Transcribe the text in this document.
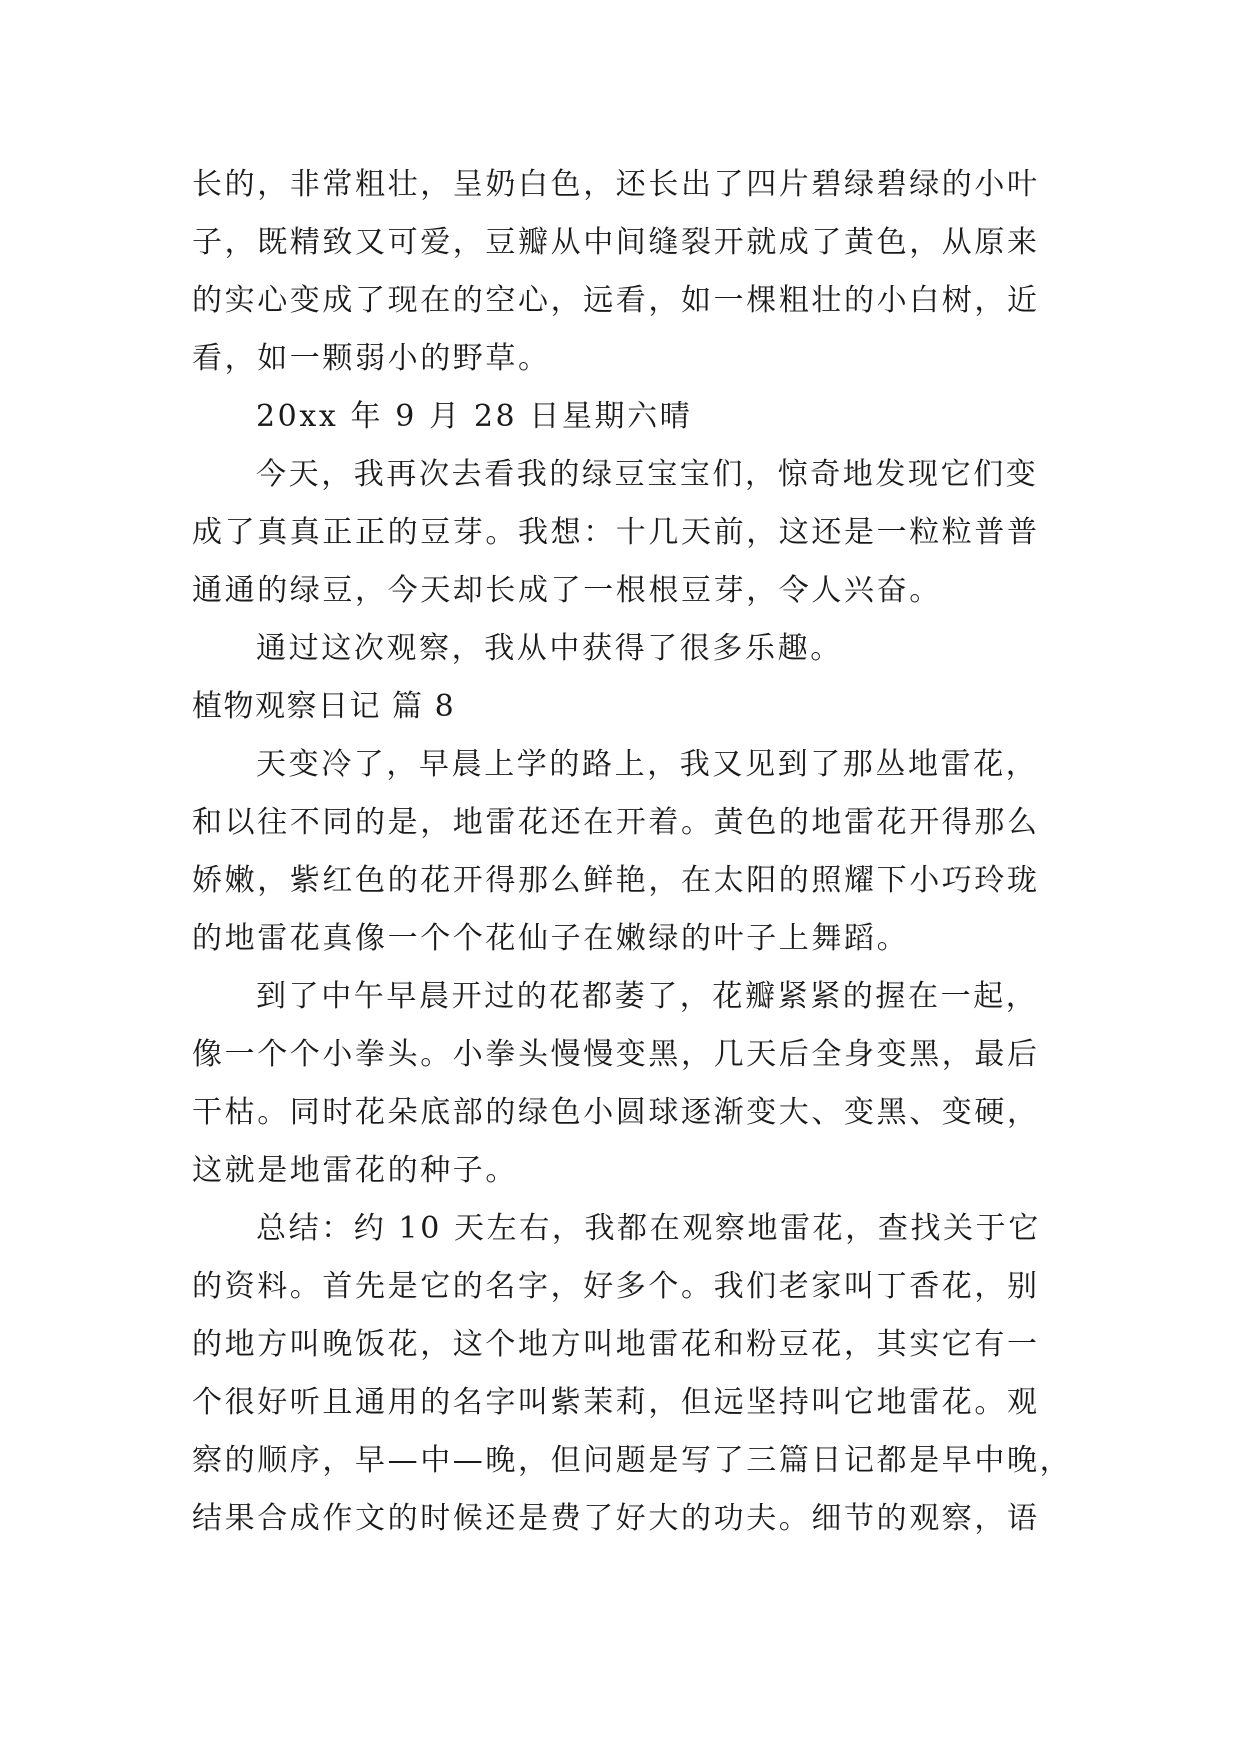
长的，非常粗壮，呈奶白色，还长出了四片碧绿碧绿的小叶
子，既精致又可爱，豆瓣从中间缝裂开就成了黄色，从原来
的实心变成了现在的空心，远看，如一棵粗壮的小白树，近
看，如一颗弱小的野草。
20xx 年 9 月 28 日星期六晴
今天，我再次去看我的绿豆宝宝们，惊奇地发现它们变
成了真真正正的豆芽。我想：十几天前，这还是一粒粒普普
通通的绿豆，今天却长成了一根根豆芽，令人兴奋。
通过这次观察，我从中获得了很多乐趣。
植物观察日记 篇 8
天变冷了，早晨上学的路上，我又见到了那丛地雷花，
和以往不同的是，地雷花还在开着。黄色的地雷花开得那么
娇嫩，紫红色的花开得那么鲜艳，在太阳的照耀下小巧玲珑
的地雷花真像一个个花仙子在嫩绿的叶子上舞蹈。
到了中午早晨开过的花都萎了，花瓣紧紧的握在一起，
像一个个小拳头。小拳头慢慢变黑，几天后全身变黑，最后
干枯。同时花朵底部的绿色小圆球逐渐变大、变黑、变硬，
这就是地雷花的种子。
总结：约 10 天左右，我都在观察地雷花，查找关于它
的资料。首先是它的名字，好多个。我们老家叫丁香花，别
的地方叫晚饭花，这个地方叫地雷花和粉豆花，其实它有一
个很好听且通用的名字叫紫茉莉，但远坚持叫它地雷花。观
察的顺序，早—中—晚，但问题是写了三篇日记都是早中晚，
结果合成作文的时候还是费了好大的功夫。细节的观察，语
